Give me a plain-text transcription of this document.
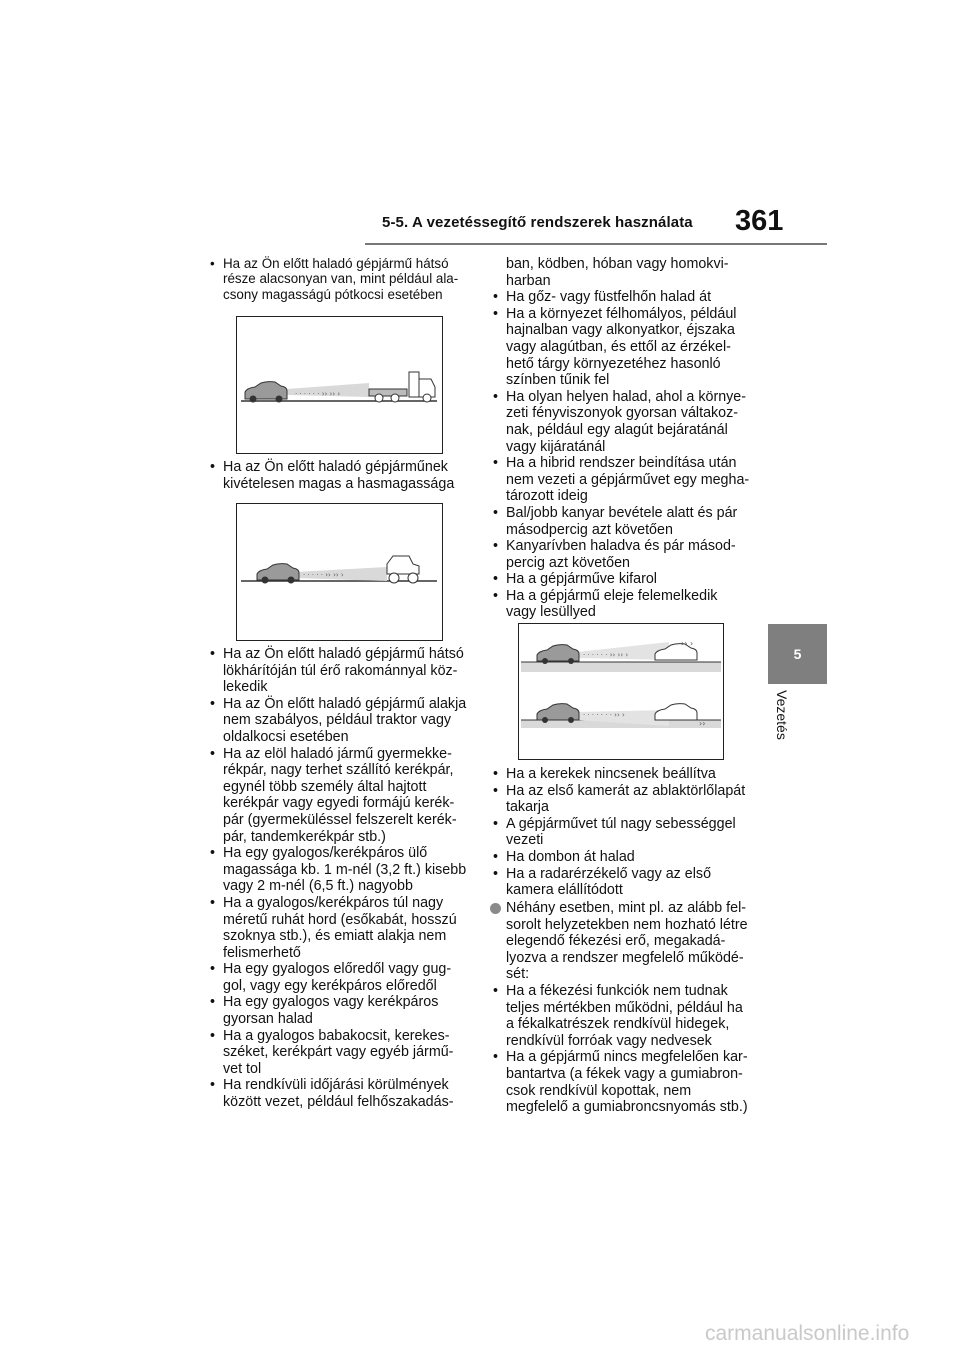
5-5. A vezetéssegítő rendszerek használata 361
5
Vezetés
• Ha az Ön előtt haladó gépjármű hátsó
része alacsonyan van, mint például ala-
csony magasságú pótkocsi esetében
· · · · · · ›› ›› ›
• Ha az Ön előtt haladó gépjárműnek
kivételesen magas a hasmagassága
· · · · · ›› ›› ›
• Ha az Ön előtt haladó gépjármű hátsó
lökhárítóján túl érő rakománnyal köz-
lekedik
• Ha az Ön előtt haladó gépjármű alakja
nem szabályos, például traktor vagy
oldalkocsi esetében
• Ha az elöl haladó jármű gyermekke-
rékpár, nagy terhet szállító kerékpár,
egynél több személy által hajtott
kerékpár vagy egyedi formájú kerék-
pár (gyermeküléssel felszerelt kerék-
pár, tandemkerékpár stb.)
• Ha egy gyalogos/kerékpáros ülő
magassága kb. 1 m-nél (3,2 ft.) kisebb
vagy 2 m-nél (6,5 ft.) nagyobb
• Ha a gyalogos/kerékpáros túl nagy
méretű ruhát hord (esőkabát, hosszú
szoknya stb.), és emiatt alakja nem
felismerhető
• Ha egy gyalogos előredől vagy gug-
gol, vagy egy kerékpáros előredől
• Ha egy gyalogos vagy kerékpáros
gyorsan halad
• Ha a gyalogos babakocsit, kerekes-
széket, kerékpárt vagy egyéb jármű-
vet tol
• Ha rendkívüli időjárási körülmények
között vezet, például felhőszakadás-
ban, ködben, hóban vagy homokvi-
harban
• Ha gőz- vagy füstfelhőn halad át
• Ha a környezet félhomályos, például
hajnalban vagy alkonyatkor, éjszaka
vagy alagútban, és ettől az érzékel-
hető tárgy környezetéhez hasonló
színben tűnik fel
• Ha olyan helyen halad, ahol a környe-
zeti fényviszonyok gyorsan váltakoz-
nak, például egy alagút bejáratánál
vagy kijáratánál
• Ha a hibrid rendszer beindítása után
nem vezeti a gépjárművet egy megha-
tározott ideig
• Bal/jobb kanyar bevétele alatt és pár
másodpercig azt követően
• Kanyarívben haladva és pár másod-
percig azt követően
• Ha a gépjárműve kifarol
• Ha a gépjármű eleje felemelkedik
vagy lesüllyed
· · · · · · ›› ›› ›
›› ›
· · · · · · · ›› ›
››
• Ha a kerekek nincsenek beállítva
• Ha az első kamerát az ablaktörlőlapát
takarja
• A gépjárművet túl nagy sebességgel
vezeti
• Ha dombon át halad
• Ha a radarérzékelő vagy az első
kamera elállítódott
Néhány esetben, mint pl. az alább fel-
sorolt helyzetekben nem hozható létre
elegendő fékezési erő, megakadá-
lyozva a rendszer megfelelő működé-
sét:
• Ha a fékezési funkciók nem tudnak
teljes mértékben működni, például ha
a fékalkatrészek rendkívül hidegek,
rendkívül forróak vagy nedvesek
• Ha a gépjármű nincs megfelelően kar-
bantartva (a fékek vagy a gumiabron-
csok rendkívül kopottak, nem
megfelelő a gumiabroncsnyomás stb.)
carmanualsonline.info
